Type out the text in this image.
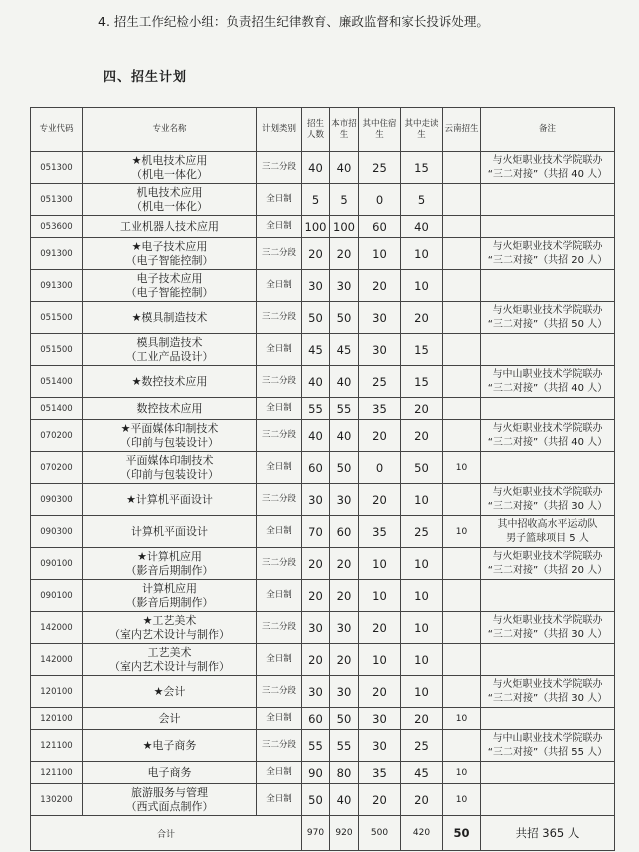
4. 招生工作纪检小组：负责招生纪律教育、廉政监督和家长投诉处理。
四、招生计划
专业代码	专业名称	计划类别	招生人数	本市招生	其中住宿生	其中走读生	云南招生	备注
051300	★机电技术应用
（机电一体化）	三二分段	40	40	25	15		与火炬职业技术学院联办
“三二对接”（共招 40 人）

051300	机电技术应用
（机电一体化）	全日制	5	5	0	5		
053600	工业机器人技术应用	全日制	100	100	60	40		
091300	★电子技术应用
（电子智能控制）	三二分段	20	20	10	10		与火炬职业技术学院联办
“三二对接”（共招 20 人）

091300	电子技术应用
（电子智能控制）	全日制	30	30	20	10		
051500	★模具制造技术	三二分段	50	50	30	20		与火炬职业技术学院联办
“三二对接”（共招 50 人）

051500	模具制造技术
（工业产品设计）	全日制	45	45	30	15		
051400	★数控技术应用	三二分段	40	40	25	15		与中山职业技术学院联办
“三二对接”（共招 40 人）

051400	数控技术应用	全日制	55	55	35	20		
070200	★平面媒体印制技术
（印前与包装设计）	三二分段	40	40	20	20		与火炬职业技术学院联办
“三二对接”（共招 40 人）

070200	平面媒体印制技术
（印前与包装设计）	全日制	60	50	0	50	10	
090300	★计算机平面设计	三二分段	30	30	20	10		与火炬职业技术学院联办
“三二对接”（共招 30 人）

090300	计算机平面设计	全日制	70	60	35	25	10	其中招收高水平运动队
男子篮球项目 5 人

090100	★计算机应用
（影音后期制作）	三二分段	20	20	10	10		与火炬职业技术学院联办
“三二对接”（共招 20 人）

090100	计算机应用
（影音后期制作）	全日制	20	20	10	10		
142000	★工艺美术
（室内艺术设计与制作）	三二分段	30	30	20	10		与火炬职业技术学院联办
“三二对接”（共招 30 人）

142000	工艺美术
（室内艺术设计与制作）	全日制	20	20	10	10		
120100	★会计	三二分段	30	30	20	10		与火炬职业技术学院联办
“三二对接”（共招 30 人）

120100	会计	全日制	60	50	30	20	10	
121100	★电子商务	三二分段	55	55	30	25		与中山职业技术学院联办
“三二对接”（共招 55 人）

121100	电子商务	全日制	90	80	35	45	10	
130200	旅游服务与管理
（西式面点制作）	全日制	50	40	20	20	10	
合计			970	920	500	420	50	共招 365 人
